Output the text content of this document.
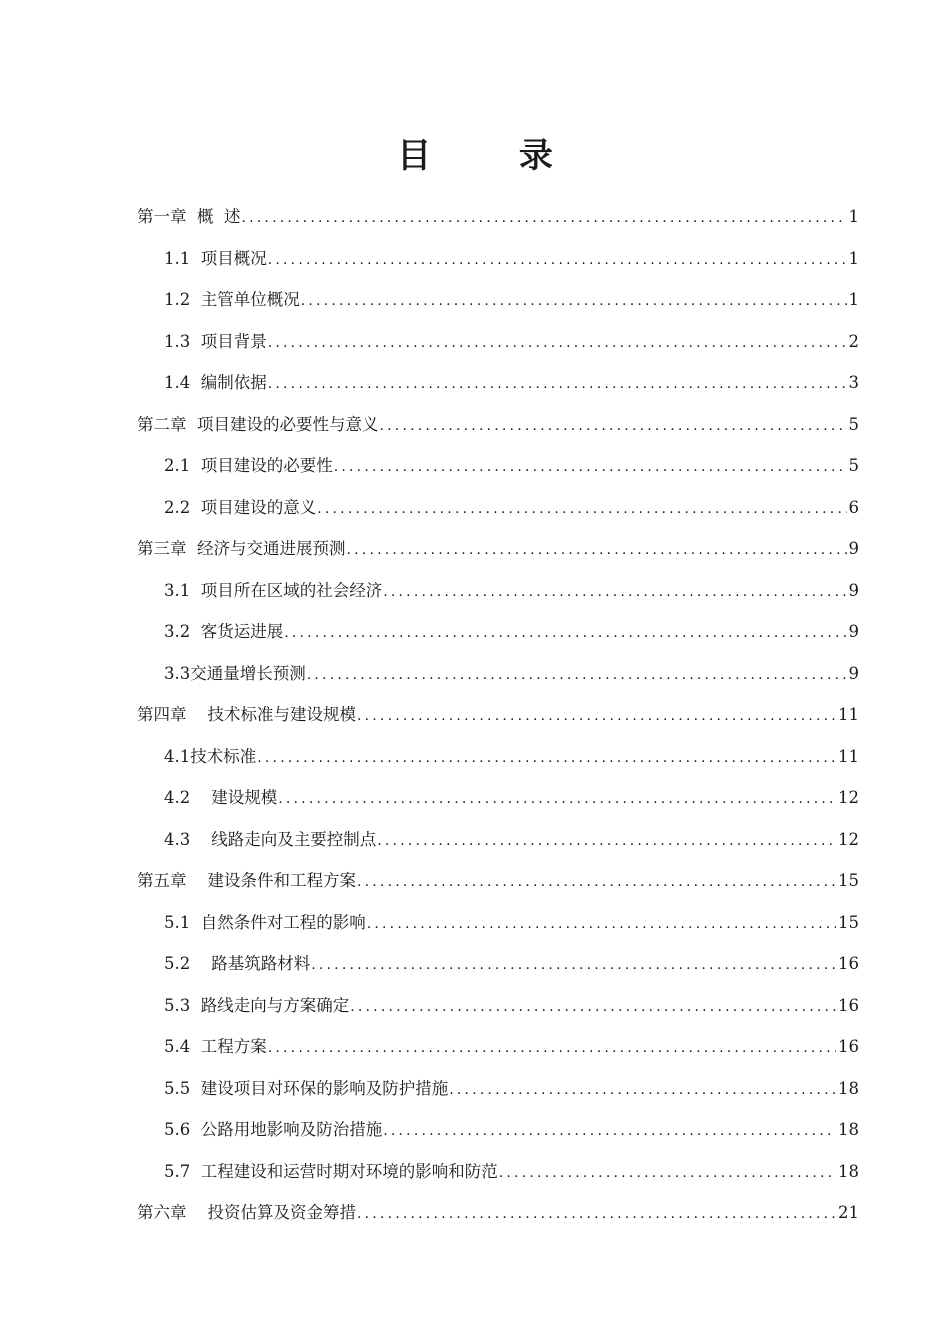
目 录
第一章  概  述 .....	1
1.1  项目概况 .....	1
1.2  主管单位概况 .....	1
1.3  项目背景 .....	2
1.4  编制依据 .....	3
第二章  项目建设的必要性与意义 .....	5
2.1  项目建设的必要性 .....	5
2.2  项目建设的意义 .....	6
第三章  经济与交通进展预测 .....	9
3.1  项目所在区域的社会经济 .....	9
3.2  客货运进展 .....	9
3.3交通量增长预测 .....	9
第四章    技术标准与建设规模 .....	11
4.1技术标准 .....	11
4.2    建设规模 .....	12
4.3    线路走向及主要控制点 .....	12
第五章    建设条件和工程方案 .....	15
5.1  自然条件对工程的影响 .....	15
5.2    路基筑路材料 .....	16
5.3  路线走向与方案确定 .....	16
5.4  工程方案 .....	16
5.5  建设项目对环保的影响及防护措施 .....	18
5.6  公路用地影响及防治措施 .....	18
5.7  工程建设和运营时期对环境的影响和防范 .....	18
第六章    投资估算及资金筹措 .....	21
